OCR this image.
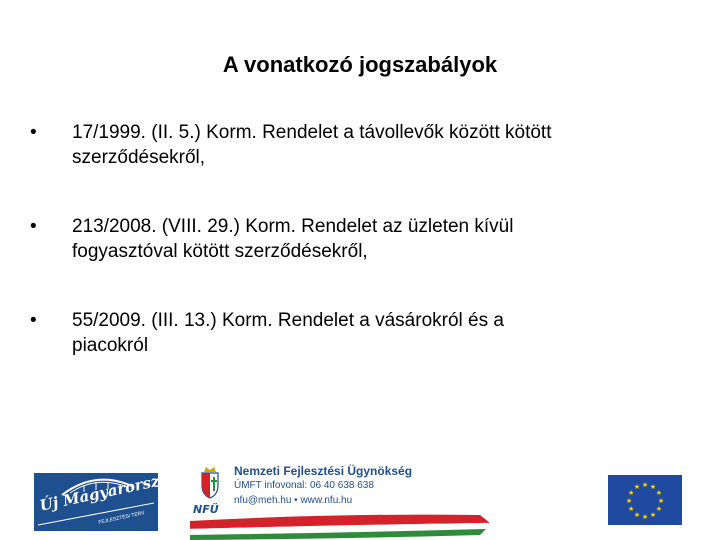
A vonatkozó jogszabályok
•	17/1999. (II. 5.) Korm. Rendelet a távollevők között kötött
szerződésekről,
•	213/2008. (VIII. 29.) Korm. Rendelet az üzleten kívül
fogyasztóval kötött szerződésekről,
•	55/2009. (III. 13.) Korm. Rendelet a vásárokról és a
piacokról
Új Magyarország
FEJLESZTÉSI TERV
NFÜ
Nemzeti Fejlesztési Ügynökség
ÚMFT infovonal: 06 40 638 638
nfu@meh.hu • www.nfu.hu
★ ★
★
★
★
★
★
★
★
★
★
★
